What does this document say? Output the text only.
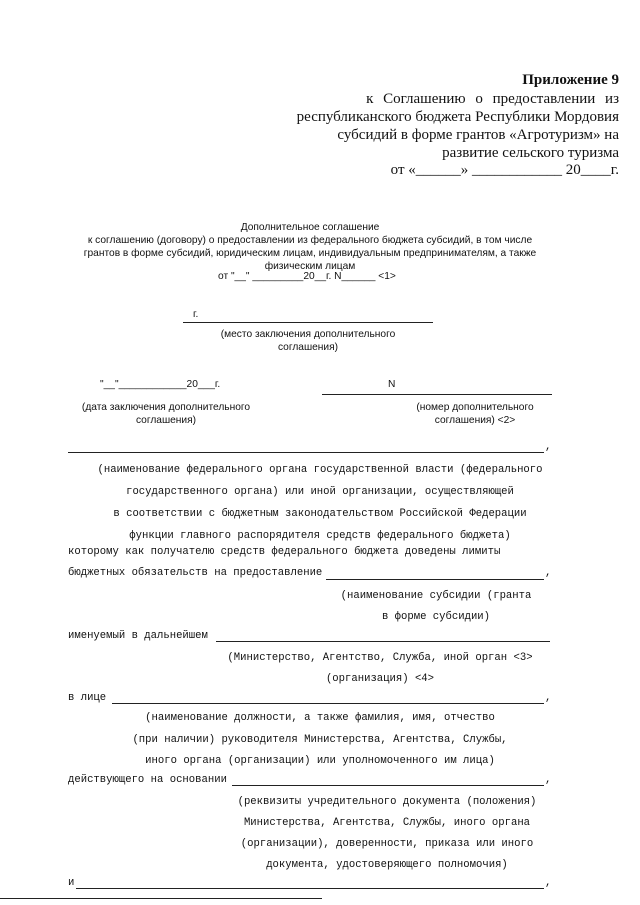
Приложение 9
к Соглашению о предоставлении из
республиканского бюджета Республики Мордовия
субсидий в форме грантов «Агротуризм» на
развитие сельского туризма
от «______» ____________ 20____г.
Дополнительное соглашение
к соглашению (договору) о предоставлении из федерального бюджета субсидий, в том числе
грантов в форме субсидий, юридическим лицам, индивидуальным предпринимателям, а также
физическим лицам
от "__" _________20__г. N______ <1>
г.
(место заключения дополнительного
соглашения)
"__"____________20___г.
(дата заключения дополнительного
соглашения)
N
(номер дополнительного
соглашения) <2>
,
(наименование федерального органа государственной власти (федерального
государственного органа) или иной организации, осуществляющей
в соответствии с бюджетным законодательством Российской Федерации
функции главного распорядителя средств федерального бюджета)
которому как получателю средств федерального бюджета доведены лимиты
бюджетных обязательств на предоставление	,
(наименование субсидии (гранта
в форме субсидии)
именуемый в дальнейшем
(Министерство, Агентство, Служба, иной орган <3>
(организация) <4>
в лице	,
(наименование должности, а также фамилия, имя, отчество
(при наличии) руководителя Министерства, Агентства, Службы,
иного органа (организации) или уполномоченного им лица)
действующего на основании	,
(реквизиты учредительного документа (положения)
Министерства, Агентства, Службы, иного органа
(организации), доверенности, приказа или иного
документа, удостоверяющего полномочия)
и	,
